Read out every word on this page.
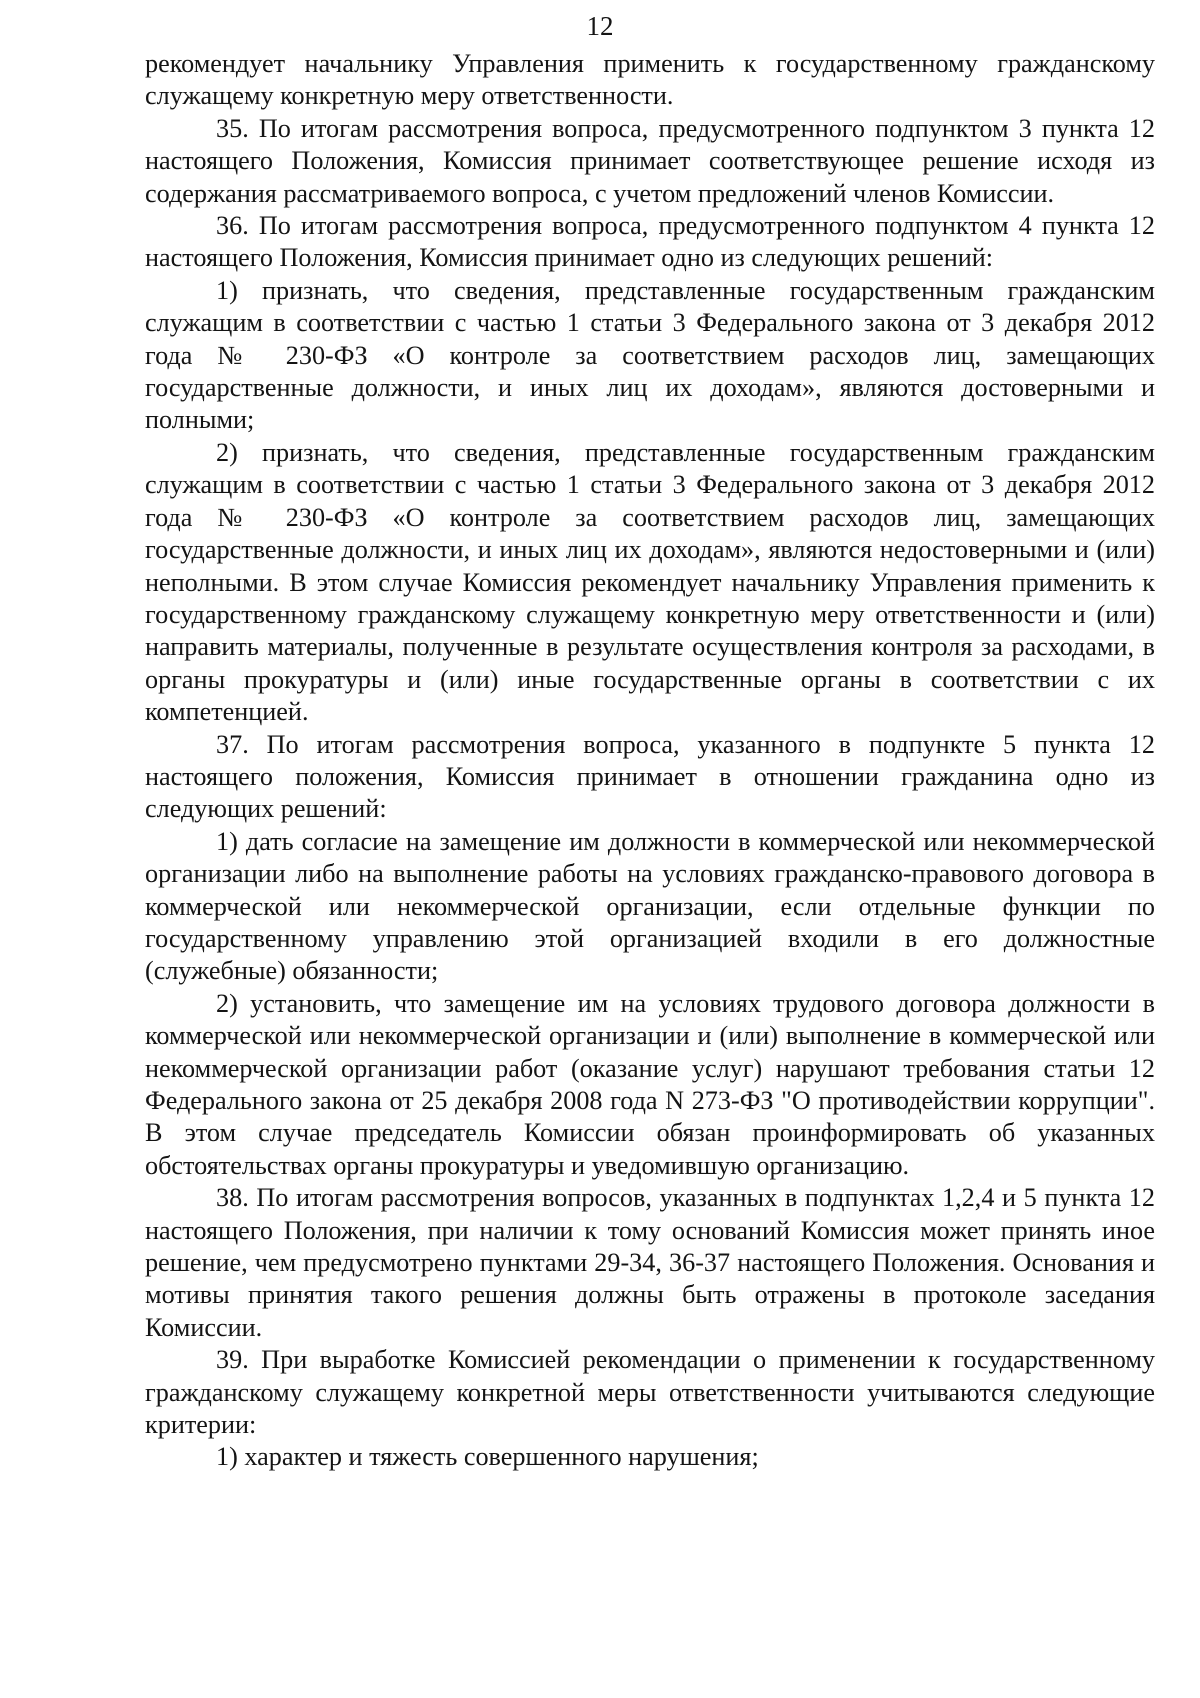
12

рекомендует начальнику Управления применить к государственному гражданскому служащему конкретную меру ответственности.

35. По итогам рассмотрения вопроса, предусмотренного подпунктом 3 пункта 12 настоящего Положения, Комиссия принимает соответствующее решение исходя из содержания рассматриваемого вопроса, с учетом предложений членов Комиссии.

36. По итогам рассмотрения вопроса, предусмотренного подпунктом 4 пункта 12 настоящего Положения, Комиссия принимает одно из следующих решений:

1) признать, что сведения, представленные государственным гражданским служащим в соответствии с частью 1 статьи 3 Федерального закона от 3 декабря 2012 года № 230-ФЗ «О контроле за соответствием расходов лиц, замещающих государственные должности, и иных лиц их доходам», являются достоверными и полными;

2) признать, что сведения, представленные государственным гражданским служащим в соответствии с частью 1 статьи 3 Федерального закона от 3 декабря 2012 года № 230-ФЗ «О контроле за соответствием расходов лиц, замещающих государственные должности, и иных лиц их доходам», являются недостоверными и (или) неполными. В этом случае Комиссия рекомендует начальнику Управления применить к государственному гражданскому служащему конкретную меру ответственности и (или) направить материалы, полученные в результате осуществления контроля за расходами, в органы прокуратуры и (или) иные государственные органы в соответствии с их компетенцией.

37. По итогам рассмотрения вопроса, указанного в подпункте 5 пункта 12 настоящего положения, Комиссия принимает в отношении гражданина одно из следующих решений:

1) дать согласие на замещение им должности в коммерческой или некоммерческой организации либо на выполнение работы на условиях гражданско-правового договора в коммерческой или некоммерческой организации, если отдельные функции по государственному управлению этой организацией входили в его должностные (служебные) обязанности;

2) установить, что замещение им на условиях трудового договора должности в коммерческой или некоммерческой организации и (или) выполнение в коммерческой или некоммерческой организации работ (оказание услуг) нарушают требования статьи 12 Федерального закона от 25 декабря 2008 года N 273-ФЗ "О противодействии коррупции". В этом случае председатель Комиссии обязан проинформировать об указанных обстоятельствах органы прокуратуры и уведомившую организацию.

38. По итогам рассмотрения вопросов, указанных в подпунктах 1,2,4 и 5 пункта 12 настоящего Положения, при наличии к тому оснований Комиссия может принять иное решение, чем предусмотрено пунктами 29-34, 36-37 настоящего Положения. Основания и мотивы принятия такого решения должны быть отражены в протоколе заседания Комиссии.

39. При выработке Комиссией рекомендации о применении к государственному гражданскому служащему конкретной меры ответственности учитываются следующие критерии:

1) характер и тяжесть совершенного нарушения;
